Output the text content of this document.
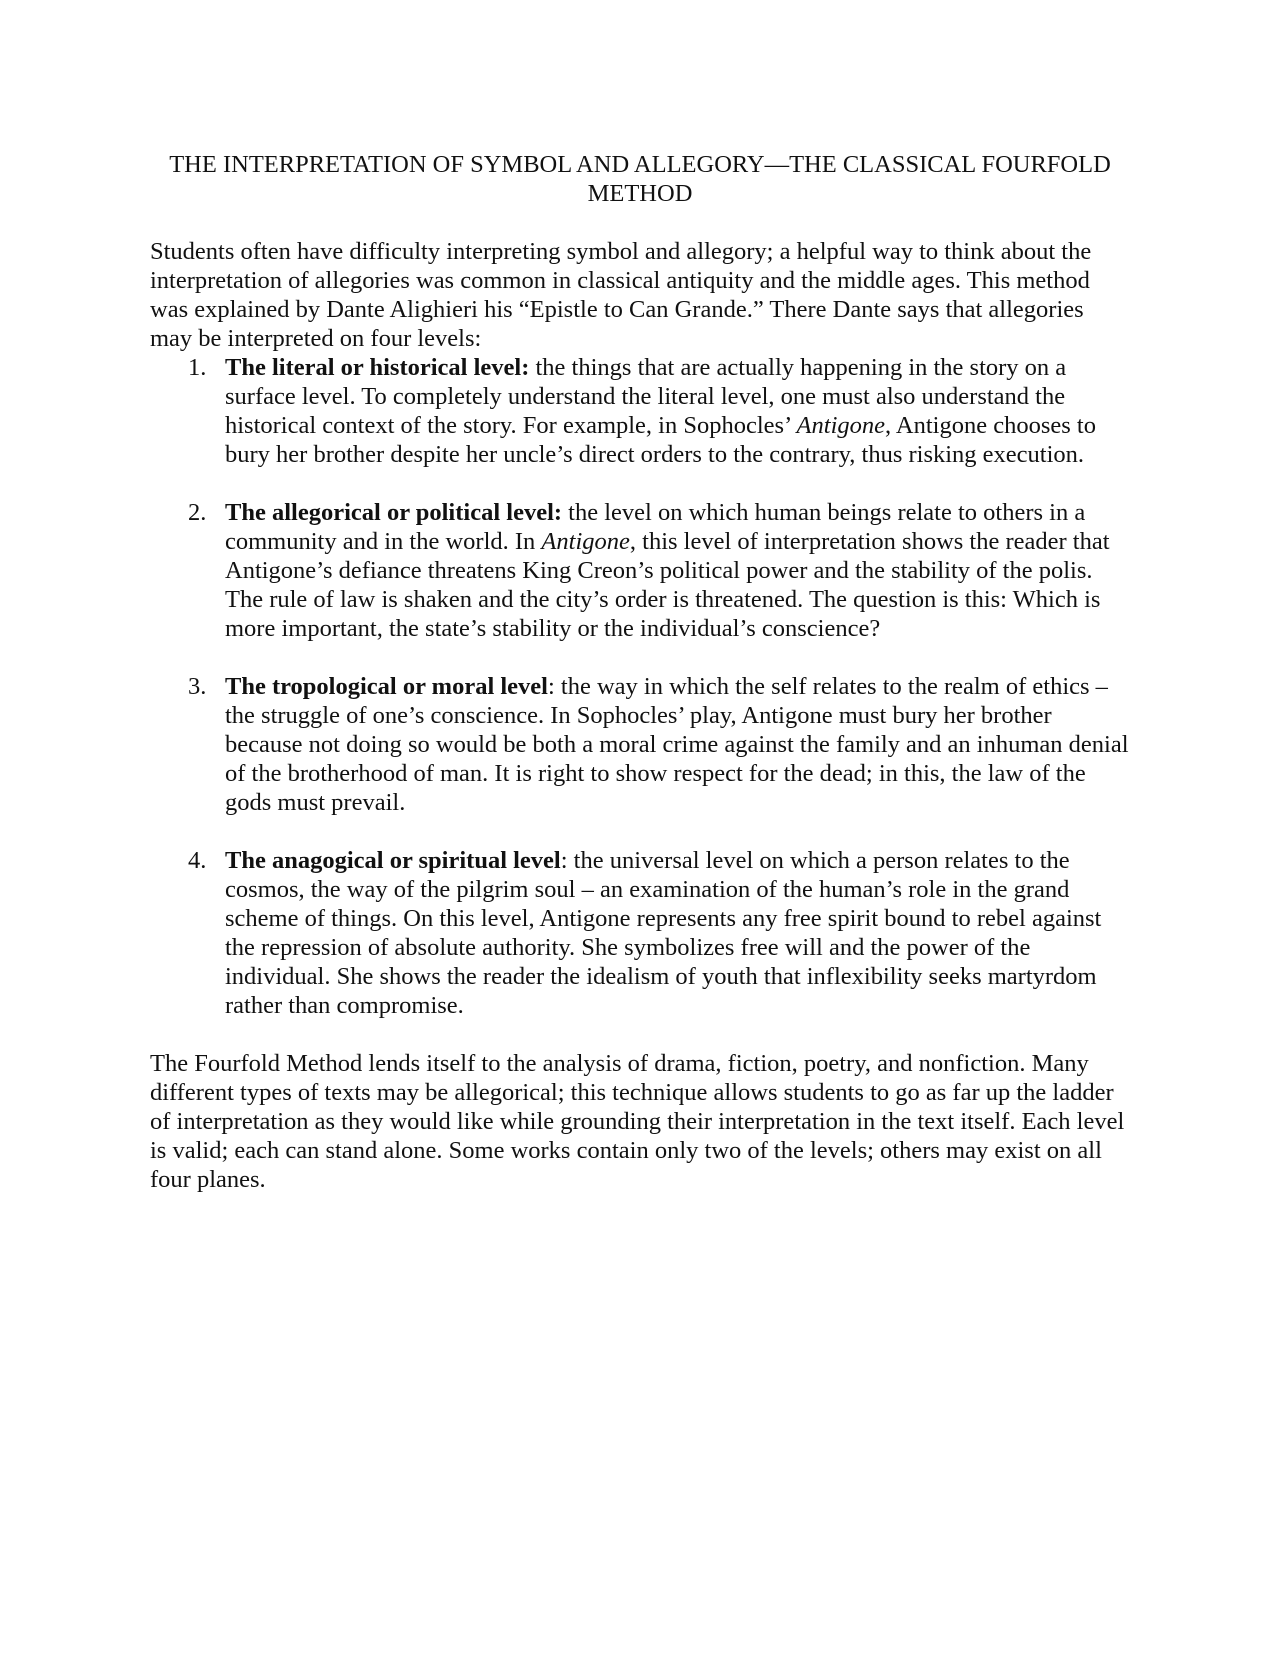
THE INTERPRETATION OF SYMBOL AND ALLEGORY—THE CLASSICAL FOURFOLD METHOD

Students often have difficulty interpreting symbol and allegory; a helpful way to think about the interpretation of allegories was common in classical antiquity and the middle ages. This method was explained by Dante Alighieri his “Epistle to Can Grande.” There Dante says that allegories may be interpreted on four levels:

1. The literal or historical level: the things that are actually happening in the story on a surface level. To completely understand the literal level, one must also understand the historical context of the story. For example, in Sophocles’ Antigone, Antigone chooses to bury her brother despite her uncle’s direct orders to the contrary, thus risking execution.
2. The allegorical or political level: the level on which human beings relate to others in a community and in the world. In Antigone, this level of interpretation shows the reader that Antigone’s defiance threatens King Creon’s political power and the stability of the polis. The rule of law is shaken and the city’s order is threatened. The question is this: Which is more important, the state’s stability or the individual’s conscience?
3. The tropological or moral level: the way in which the self relates to the realm of ethics – the struggle of one’s conscience. In Sophocles’ play, Antigone must bury her brother because not doing so would be both a moral crime against the family and an inhuman denial of the brotherhood of man. It is right to show respect for the dead; in this, the law of the gods must prevail.
4. The anagogical or spiritual level: the universal level on which a person relates to the cosmos, the way of the pilgrim soul – an examination of the human’s role in the grand scheme of things. On this level, Antigone represents any free spirit bound to rebel against the repression of absolute authority. She symbolizes free will and the power of the individual. She shows the reader the idealism of youth that inflexibility seeks martyrdom rather than compromise.

The Fourfold Method lends itself to the analysis of drama, fiction, poetry, and nonfiction. Many different types of texts may be allegorical; this technique allows students to go as far up the ladder of interpretation as they would like while grounding their interpretation in the text itself. Each level is valid; each can stand alone. Some works contain only two of the levels; others may exist on all four planes.
